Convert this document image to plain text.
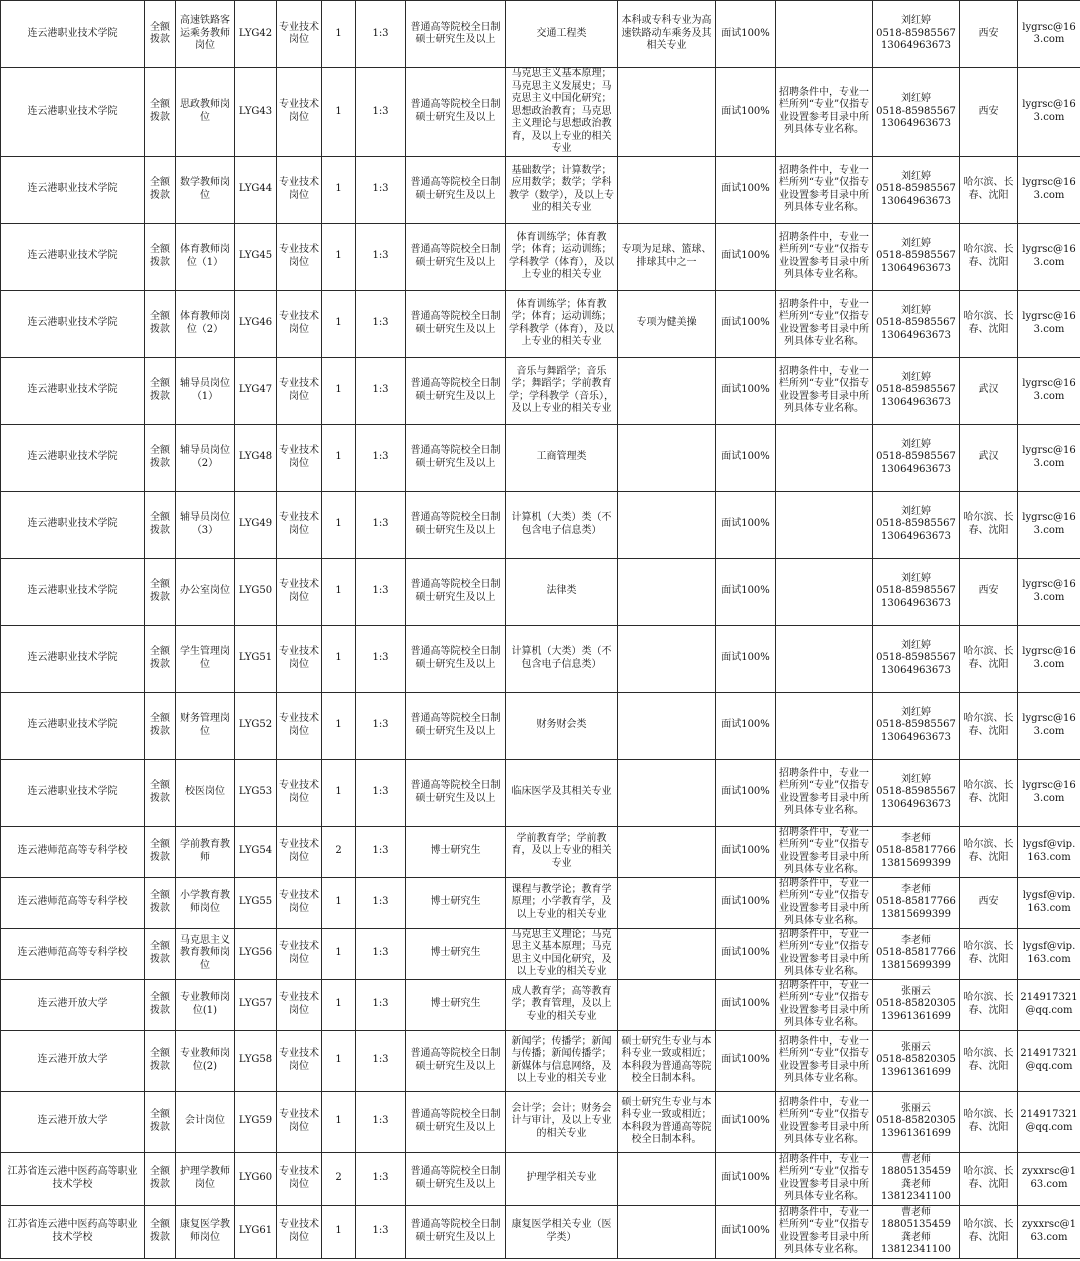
连云港职业技术学院	全额拨款	高速铁路客运乘务教师岗位	LYG42	专业技术岗位	1	1:3	普通高等院校全日制硕士研究生及以上	交通工程类	本科或专科专业为高速铁路动车乘务及其相关专业	面试100%		刘红婷
0518-85985567
13064963673	西安	lygrsc@163.com
连云港职业技术学院	全额拨款	思政教师岗位	LYG43	专业技术岗位	1	1:3	普通高等院校全日制硕士研究生及以上	马克思主义基本原理；马克思主义发展史；马克思主义中国化研究；思想政治教育；马克思主义理论与思想政治教育，及以上专业的相关专业		面试100%	招聘条件中，专业一栏所列“专业”仅指专业设置参考目录中所列具体专业名称。	刘红婷
0518-85985567
13064963673	西安	lygrsc@163.com
连云港职业技术学院	全额拨款	数学教师岗位	LYG44	专业技术岗位	1	1:3	普通高等院校全日制硕士研究生及以上	基础数学；计算数学；应用数学；数学；学科教学（数学），及以上专业的相关专业		面试100%	招聘条件中，专业一栏所列“专业”仅指专业设置参考目录中所列具体专业名称。	刘红婷
0518-85985567
13064963673	哈尔滨、长春、沈阳	lygrsc@163.com
连云港职业技术学院	全额拨款	体育教师岗位（1）	LYG45	专业技术岗位	1	1:3	普通高等院校全日制硕士研究生及以上	体育训练学；体育教学；体育；运动训练；学科教学（体育），及以上专业的相关专业	专项为足球、篮球、排球其中之一	面试100%	招聘条件中，专业一栏所列“专业”仅指专业设置参考目录中所列具体专业名称。	刘红婷
0518-85985567
13064963673	哈尔滨、长春、沈阳	lygrsc@163.com
连云港职业技术学院	全额拨款	体育教师岗位（2）	LYG46	专业技术岗位	1	1:3	普通高等院校全日制硕士研究生及以上	体育训练学；体育教学；体育；运动训练；学科教学（体育），及以上专业的相关专业	专项为健美操	面试100%	招聘条件中，专业一栏所列“专业”仅指专业设置参考目录中所列具体专业名称。	刘红婷
0518-85985567
13064963673	哈尔滨、长春、沈阳	lygrsc@163.com
连云港职业技术学院	全额拨款	辅导员岗位（1）	LYG47	专业技术岗位	1	1:3	普通高等院校全日制硕士研究生及以上	音乐与舞蹈学；音乐学；舞蹈学；学前教育学；学科教学（音乐），及以上专业的相关专业		面试100%	招聘条件中，专业一栏所列“专业”仅指专业设置参考目录中所列具体专业名称。	刘红婷
0518-85985567
13064963673	武汉	lygrsc@163.com
连云港职业技术学院	全额拨款	辅导员岗位（2）	LYG48	专业技术岗位	1	1:3	普通高等院校全日制硕士研究生及以上	工商管理类		面试100%		刘红婷
0518-85985567
13064963673	武汉	lygrsc@163.com
连云港职业技术学院	全额拨款	辅导员岗位（3）	LYG49	专业技术岗位	1	1:3	普通高等院校全日制硕士研究生及以上	计算机（大类）类（不包含电子信息类）		面试100%		刘红婷
0518-85985567
13064963673	哈尔滨、长春、沈阳	lygrsc@163.com
连云港职业技术学院	全额拨款	办公室岗位	LYG50	专业技术岗位	1	1:3	普通高等院校全日制硕士研究生及以上	法律类		面试100%		刘红婷
0518-85985567
13064963673	西安	lygrsc@163.com
连云港职业技术学院	全额拨款	学生管理岗位	LYG51	专业技术岗位	1	1:3	普通高等院校全日制硕士研究生及以上	计算机（大类）类（不包含电子信息类）		面试100%		刘红婷
0518-85985567
13064963673	哈尔滨、长春、沈阳	lygrsc@163.com
连云港职业技术学院	全额拨款	财务管理岗位	LYG52	专业技术岗位	1	1:3	普通高等院校全日制硕士研究生及以上	财务财会类		面试100%		刘红婷
0518-85985567
13064963673	哈尔滨、长春、沈阳	lygrsc@163.com
连云港职业技术学院	全额拨款	校医岗位	LYG53	专业技术岗位	1	1:3	普通高等院校全日制硕士研究生及以上	临床医学及其相关专业		面试100%	招聘条件中，专业一栏所列“专业”仅指专业设置参考目录中所列具体专业名称。	刘红婷
0518-85985567
13064963673	哈尔滨、长春、沈阳	lygrsc@163.com
连云港师范高等专科学校	全额拨款	学前教育教师	LYG54	专业技术岗位	2	1:3	博士研究生	学前教育学；学前教育，及以上专业的相关专业		面试100%	招聘条件中，专业一栏所列“专业”仅指专业设置参考目录中所列具体专业名称。	李老师
0518-85817766
13815699399	哈尔滨、长春、沈阳	lygsf@vip.163.com
连云港师范高等专科学校	全额拨款	小学教育教师岗位	LYG55	专业技术岗位	1	1:3	博士研究生	课程与教学论；教育学原理；小学教育学，及以上专业的相关专业		面试100%	招聘条件中，专业一栏所列“专业”仅指专业设置参考目录中所列具体专业名称。	李老师
0518-85817766
13815699399	西安	lygsf@vip.163.com
连云港师范高等专科学校	全额拨款	马克思主义教育教师岗位	LYG56	专业技术岗位	1	1:3	博士研究生	马克思主义理论；马克思主义基本原理；马克思主义中国化研究，及以上专业的相关专业		面试100%	招聘条件中，专业一栏所列“专业”仅指专业设置参考目录中所列具体专业名称。	李老师
0518-85817766
13815699399	哈尔滨、长春、沈阳	lygsf@vip.163.com
连云港开放大学	全额拨款	专业教师岗位(1)	LYG57	专业技术岗位	1	1:3	博士研究生	成人教育学；高等教育学；教育管理，及以上专业的相关专业		面试100%	招聘条件中，专业一栏所列“专业”仅指专业设置参考目录中所列具体专业名称。	张丽云
0518-85820305
13961361699	哈尔滨、长春、沈阳	214917321@qq.com
连云港开放大学	全额拨款	专业教师岗位(2)	LYG58	专业技术岗位	1	1:3	普通高等院校全日制硕士研究生及以上	新闻学；传播学；新闻与传播；新闻传播学；新媒体与信息网络，及以上专业的相关专业	硕士研究生专业与本科专业一致或相近；本科段为普通高等院校全日制本科。	面试100%	招聘条件中，专业一栏所列“专业”仅指专业设置参考目录中所列具体专业名称。	张丽云
0518-85820305
13961361699	哈尔滨、长春、沈阳	214917321@qq.com
连云港开放大学	全额拨款	会计岗位	LYG59	专业技术岗位	1	1:3	普通高等院校全日制硕士研究生及以上	会计学；会计；财务会计与审计，及以上专业的相关专业	硕士研究生专业与本科专业一致或相近；本科段为普通高等院校全日制本科。	面试100%	招聘条件中，专业一栏所列“专业”仅指专业设置参考目录中所列具体专业名称。	张丽云
0518-85820305
13961361699	哈尔滨、长春、沈阳	214917321@qq.com
江苏省连云港中医药高等职业技术学校	全额拨款	护理学教师岗位	LYG60	专业技术岗位	2	1:3	普通高等院校全日制硕士研究生及以上	护理学相关专业		面试100%	招聘条件中，专业一栏所列“专业”仅指专业设置参考目录中所列具体专业名称。	曹老师
18805135459
龚老师
13812341100	哈尔滨、长春、沈阳	zyxxrsc@163.com
江苏省连云港中医药高等职业技术学校	全额拨款	康复医学教师岗位	LYG61	专业技术岗位	1	1:3	普通高等院校全日制硕士研究生及以上	康复医学相关专业（医学类）		面试100%	招聘条件中，专业一栏所列“专业”仅指专业设置参考目录中所列具体专业名称。	曹老师
18805135459
龚老师
13812341100	哈尔滨、长春、沈阳	zyxxrsc@163.com
